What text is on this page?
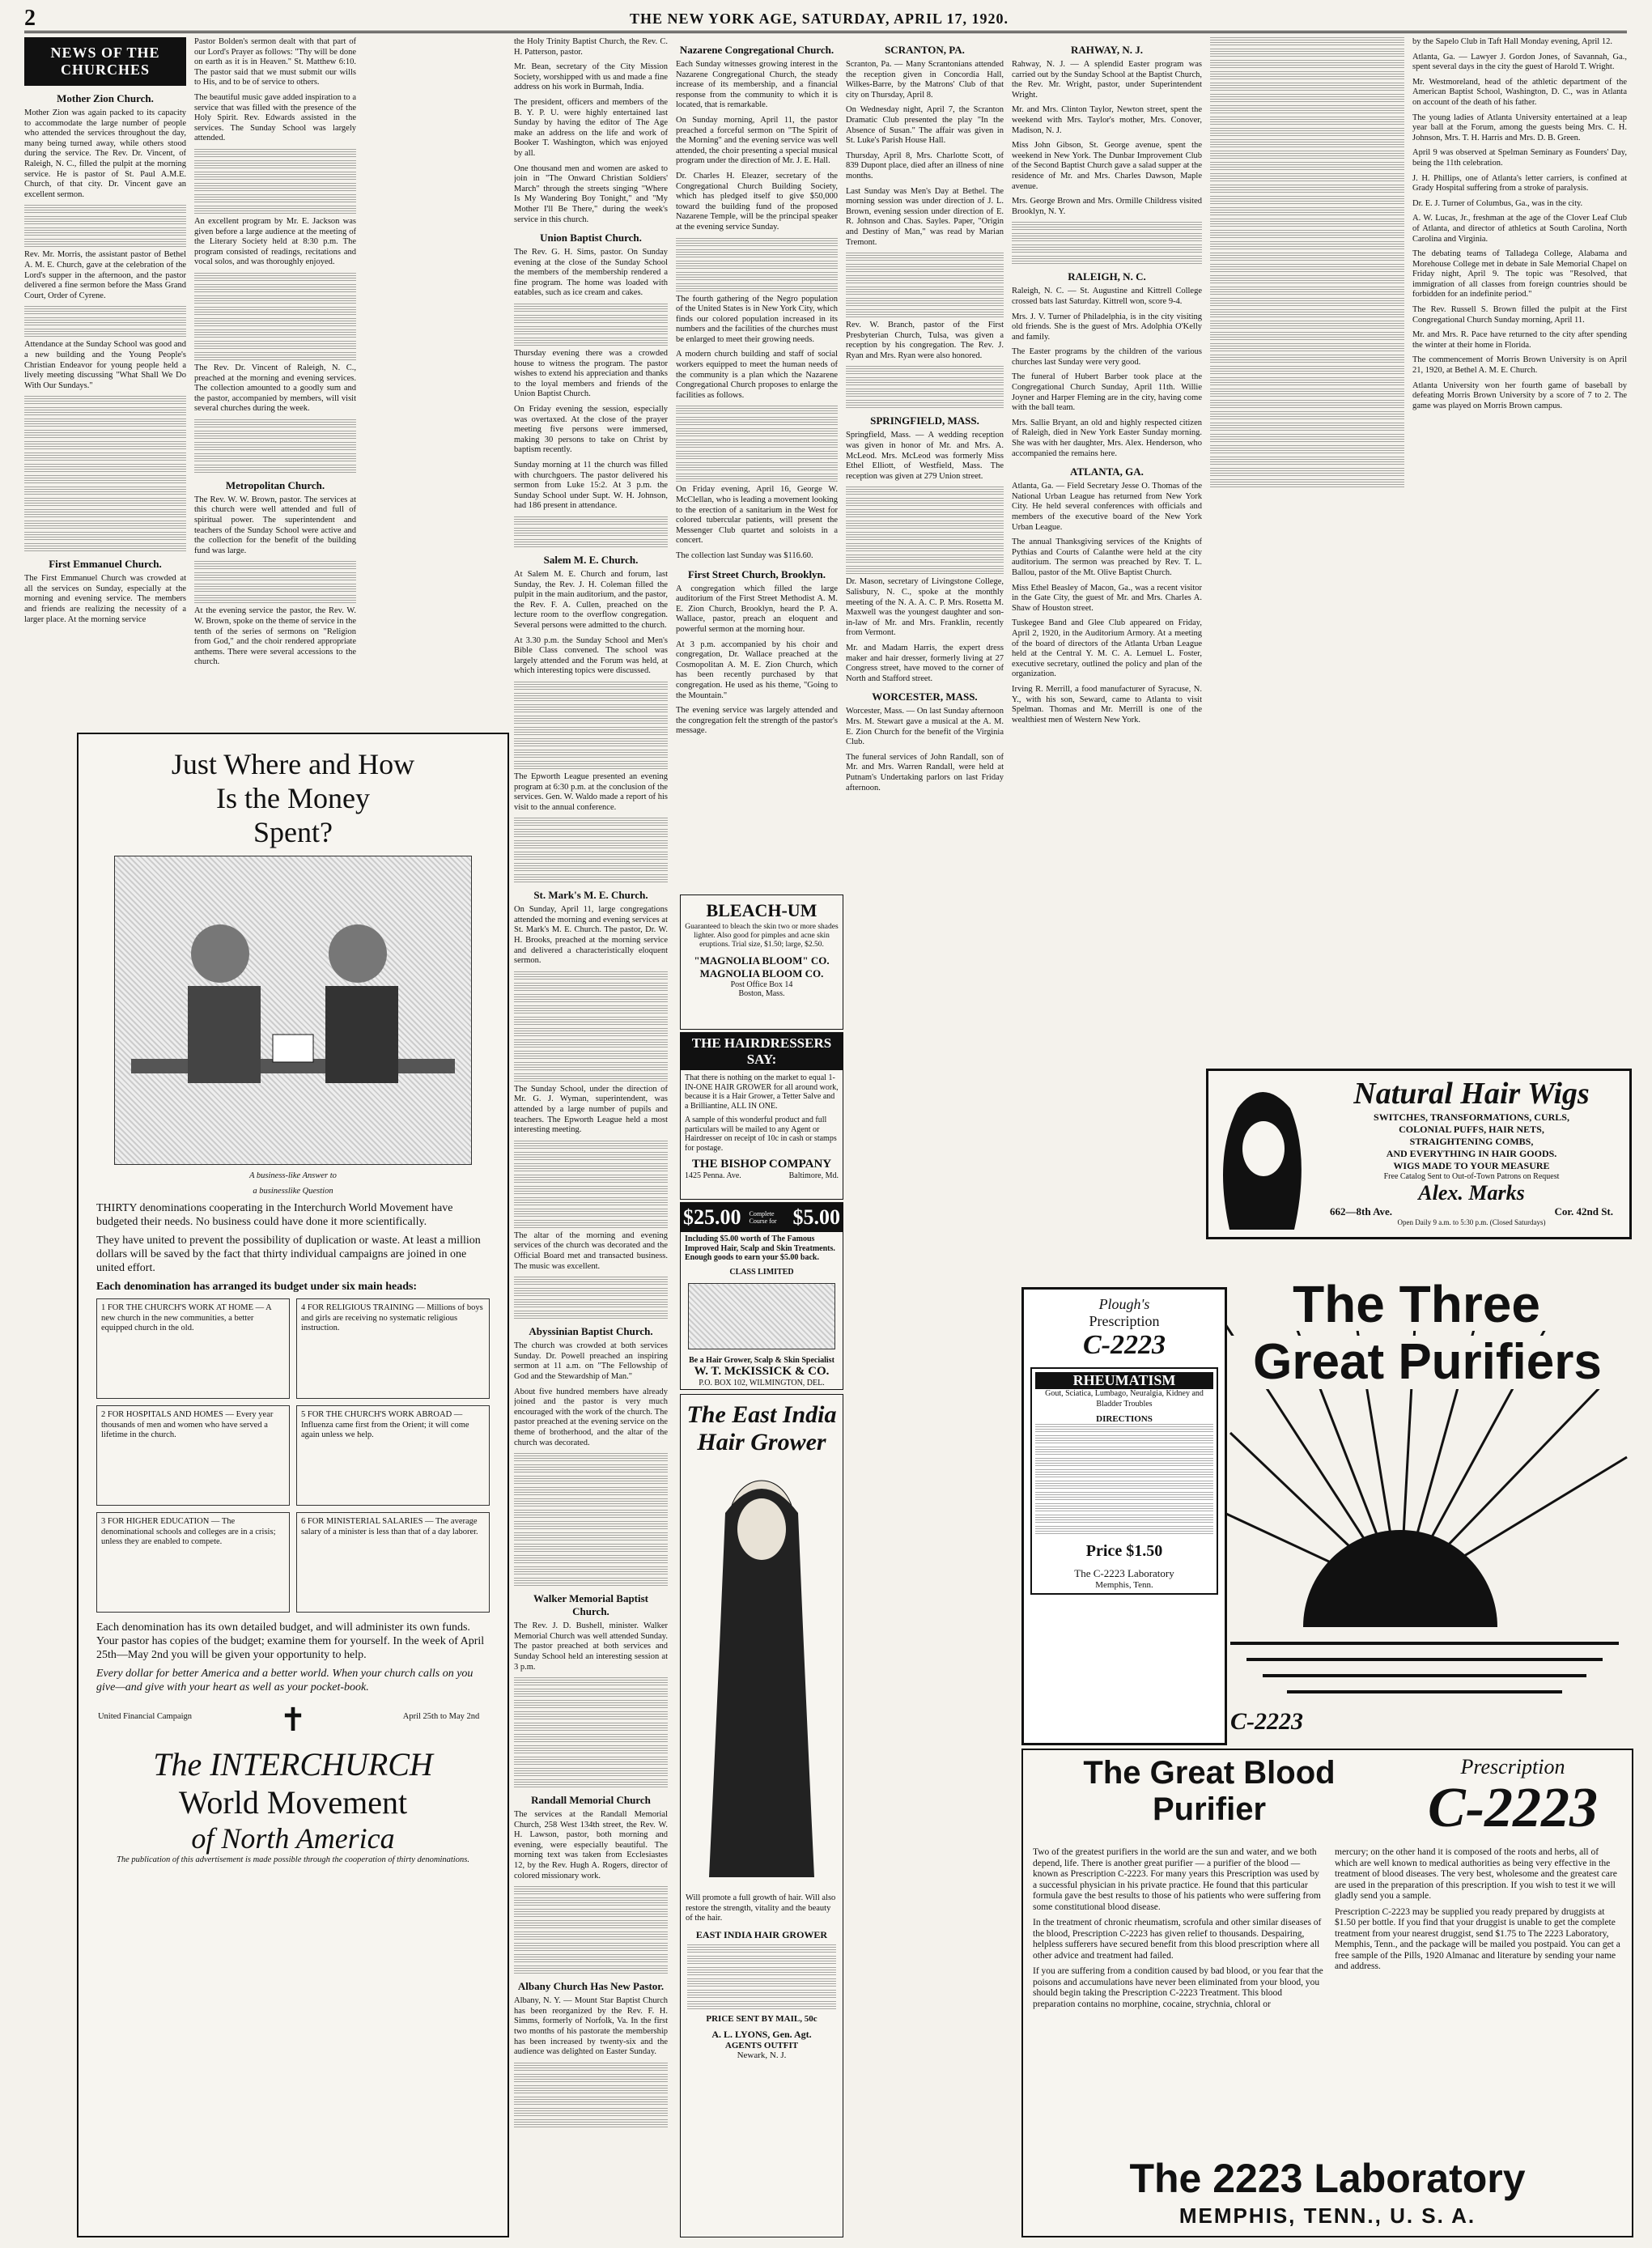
2	THE NEW YORK AGE, SATURDAY, APRIL 17, 1920.
NEWS OF THE CHURCHES
Mother Zion Church.

Mother Zion was again packed to its capacity to accommodate the large number of people who attended the services throughout the day, many being turned away, while others stood during the service. The Rev. Dr. Vincent, of Raleigh, N. C., filled the pulpit at the morning service. He is pastor of St. Paul A.M.E. Church, of that city. Dr. Vincent gave an excellent sermon.

Rev. Mr. Morris, the assistant pastor of Bethel A. M. E. Church, gave at the celebration of the Lord's supper in the afternoon, and the pastor delivered a fine sermon before the Mass Grand Court, Order of Cyrene.

Attendance at the Sunday School was good and a new building and the Young People's Christian Endeavor for young people held a lively meeting discussing "What Shall We Do With Our Sundays."

First Emmanuel Church.

The First Emmanuel Church was crowded at all the services on Sunday, especially at the morning and evening service. The members and friends are realizing the necessity of a larger place. At the morning service

Pastor Bolden's sermon dealt with that part of our Lord's Prayer as follows: "Thy will be done on earth as it is in Heaven." St. Matthew 6:10. The pastor said that we must submit our wills to His, and to be of service to others.

The beautiful music gave added inspiration to a service that was filled with the presence of the Holy Spirit. Rev. Edwards assisted in the services. The Sunday School was largely attended.

An excellent program by Mr. E. Jackson was given before a large audience at the meeting of the Literary Society held at 8:30 p.m. The program consisted of readings, recitations and vocal solos, and was thoroughly enjoyed.

The Rev. Dr. Vincent of Raleigh, N. C., preached at the morning and evening services. The collection amounted to a goodly sum and the pastor, accompanied by members, will visit several churches during the week.

Metropolitan Church.

The Rev. W. W. Brown, pastor. The services at this church were well attended and full of spiritual power. The superintendent and teachers of the Sunday School were active and the collection for the benefit of the building fund was large.

At the evening service the pastor, the Rev. W. W. Brown, spoke on the theme of service in the tenth of the series of sermons on "Religion from God," and the choir rendered appropriate anthems. There were several accessions to the church.

Just Where and How
Is the Money
Spent?

A business-like Answer to

a businesslike Question

THIRTY denominations cooperating in the Interchurch World Movement have budgeted their needs. No business could have done it more scientifically.

They have united to prevent the possibility of duplication or waste. At least a million dollars will be saved by the fact that thirty individual campaigns are joined in one united effort.

Each denomination has arranged its budget under six main heads:

1 FOR THE CHURCH'S WORK AT HOME — A new church in the new communities, a better equipped church in the old.

4 FOR RELIGIOUS TRAINING — Millions of boys and girls are receiving no systematic religious instruction.

2 FOR HOSPITALS AND HOMES — Every year thousands of men and women who have served a lifetime in the church.

5 FOR THE CHURCH'S WORK ABROAD — Influenza came first from the Orient; it will come again unless we help.

3 FOR HIGHER EDUCATION — The denominational schools and colleges are in a crisis; unless they are enabled to compete.

6 FOR MINISTERIAL SALARIES — The average salary of a minister is less than that of a day laborer.

Each denomination has its own detailed budget, and will administer its own funds. Your pastor has copies of the budget; examine them for yourself. In the week of April 25th—May 2nd you will be given your opportunity to help.

Every dollar for better America and a better world. When your church calls on you give—and give with your heart as well as your pocket-book.

United Financial Campaign	✝	April 25th to May 2nd
The INTERCHURCH
World Movement
of North America

The publication of this advertisement is made possible through the cooperation of thirty denominations.

the Holy Trinity Baptist Church, the Rev. C. H. Patterson, pastor.

Mr. Bean, secretary of the City Mission Society, worshipped with us and made a fine address on his work in Burmah, India.

The president, officers and members of the B. Y. P. U. were highly entertained last Sunday by having the editor of The Age make an address on the life and work of Booker T. Washington, which was enjoyed by all.

One thousand men and women are asked to join in "The Onward Christian Soldiers' March" through the streets singing "Where Is My Wandering Boy Tonight," and "My Mother I'll Be There," during the week's service in this church.

Union Baptist Church.

The Rev. G. H. Sims, pastor. On Sunday evening at the close of the Sunday School the members of the membership rendered a fine program. The home was loaded with eatables, such as ice cream and cakes.

Thursday evening there was a crowded house to witness the program. The pastor wishes to extend his appreciation and thanks to the loyal members and friends of the Union Baptist Church.

On Friday evening the session, especially was overtaxed. At the close of the prayer meeting five persons were immersed, making 30 persons to take on Christ by baptism recently.

Sunday morning at 11 the church was filled with churchgoers. The pastor delivered his sermon from Luke 15:2. At 3 p.m. the Sunday School under Supt. W. H. Johnson, had 186 present in attendance.

Salem M. E. Church.

At Salem M. E. Church and forum, last Sunday, the Rev. J. H. Coleman filled the pulpit in the main auditorium, and the pastor, the Rev. F. A. Cullen, preached on the lecture room to the overflow congregation. Several persons were admitted to the church.

At 3.30 p.m. the Sunday School and Men's Bible Class convened. The school was largely attended and the Forum was held, at which interesting topics were discussed.

The Epworth League presented an evening program at 6:30 p.m. at the conclusion of the services. Gen. W. Waldo made a report of his visit to the annual conference.

St. Mark's M. E. Church.

On Sunday, April 11, large congregations attended the morning and evening services at St. Mark's M. E. Church. The pastor, Dr. W. H. Brooks, preached at the morning service and delivered a characteristically eloquent sermon.

The Sunday School, under the direction of Mr. G. J. Wyman, superintendent, was attended by a large number of pupils and teachers. The Epworth League held a most interesting meeting.

The altar of the morning and evening services of the church was decorated and the Official Board met and transacted business. The music was excellent.

Abyssinian Baptist Church.

The church was crowded at both services Sunday. Dr. Powell preached an inspiring sermon at 11 a.m. on "The Fellowship of God and the Stewardship of Man."

About five hundred members have already joined and the pastor is very much encouraged with the work of the church. The pastor preached at the evening service on the theme of brotherhood, and the altar of the church was decorated.

Walker Memorial Baptist Church.

The Rev. J. D. Bushell, minister. Walker Memorial Church was well attended Sunday. The pastor preached at both services and Sunday School held an interesting session at 3 p.m.

Randall Memorial Church

The services at the Randall Memorial Church, 258 West 134th street, the Rev. W. H. Lawson, pastor, both morning and evening, were especially beautiful. The morning text was taken from Ecclesiastes 12, by the Rev. Hugh A. Rogers, director of colored missionary work.

Albany Church Has New Pastor.

Albany, N. Y. — Mount Star Baptist Church has been reorganized by the Rev. F. H. Simms, formerly of Norfolk, Va. In the first two months of his pastorate the membership has been increased by twenty-six and the audience was delighted on Easter Sunday.

Nazarene Congregational Church.

Each Sunday witnesses growing interest in the Nazarene Congregational Church, the steady increase of its membership, and a financial response from the community to which it is located, that is remarkable.

On Sunday morning, April 11, the pastor preached a forceful sermon on "The Spirit of the Morning" and the evening service was well attended, the choir presenting a special musical program under the direction of Mr. J. E. Hall.

Dr. Charles H. Eleazer, secretary of the Congregational Church Building Society, which has pledged itself to give $50,000 toward the building fund of the proposed Nazarene Temple, will be the principal speaker at the evening service Sunday.

The fourth gathering of the Negro population of the United States is in New York City, which finds our colored population increased in its numbers and the facilities of the churches must be enlarged to meet their growing needs.

A modern church building and staff of social workers equipped to meet the human needs of the community is a plan which the Nazarene Congregational Church proposes to enlarge the facilities as follows.

On Friday evening, April 16, George W. McClellan, who is leading a movement looking to the erection of a sanitarium in the West for colored tubercular patients, will present the Messenger Club quartet and soloists in a concert.

The collection last Sunday was $116.60.

First Street Church, Brooklyn.

A congregation which filled the large auditorium of the First Street Methodist A. M. E. Zion Church, Brooklyn, heard the P. A. Wallace, pastor, preach an eloquent and powerful sermon at the morning hour.

At 3 p.m. accompanied by his choir and congregation, Dr. Wallace preached at the Cosmopolitan A. M. E. Zion Church, which has been recently purchased by that congregation. He used as his theme, "Going to the Mountain."

The evening service was largely attended and the congregation felt the strength of the pastor's message.

SCRANTON, PA.

Scranton, Pa. — Many Scrantonians attended the reception given in Concordia Hall, Wilkes-Barre, by the Matrons' Club of that city on Thursday, April 8.

On Wednesday night, April 7, the Scranton Dramatic Club presented the play "In the Absence of Susan." The affair was given in St. Luke's Parish House Hall.

Thursday, April 8, Mrs. Charlotte Scott, of 839 Dupont place, died after an illness of nine months.

Last Sunday was Men's Day at Bethel. The morning session was under direction of J. L. Brown, evening session under direction of E. R. Johnson and Chas. Sayles. Paper, "Origin and Destiny of Man," was read by Marian Tremont.

Rev. W. Branch, pastor of the First Presbyterian Church, Tulsa, was given a reception by his congregation. The Rev. J. Ryan and Mrs. Ryan were also honored.

SPRINGFIELD, MASS.

Springfield, Mass. — A wedding reception was given in honor of Mr. and Mrs. A. McLeod. Mrs. McLeod was formerly Miss Ethel Elliott, of Westfield, Mass. The reception was given at 279 Union street.

Dr. Mason, secretary of Livingstone College, Salisbury, N. C., spoke at the monthly meeting of the N. A. A. C. P. Mrs. Rosetta M. Maxwell was the youngest daughter and son-in-law of Mr. and Mrs. Franklin, recently from Vermont.

Mr. and Madam Harris, the expert dress maker and hair dresser, formerly living at 27 Congress street, have moved to the corner of North and Stafford street.

WORCESTER, MASS.

Worcester, Mass. — On last Sunday afternoon Mrs. M. Stewart gave a musical at the A. M. E. Zion Church for the benefit of the Virginia Club.

The funeral services of John Randall, son of Mr. and Mrs. Warren Randall, were held at Putnam's Undertaking parlors on last Friday afternoon.

BLEACH-UM

Guaranteed to bleach the skin two or more shades lighter. Also good for pimples and acne skin eruptions. Trial size, $1.50; large, $2.50.

"MAGNOLIA BLOOM" CO.
MAGNOLIA BLOOM CO.
Post Office Box 14
Boston, Mass.
THE HAIRDRESSERS SAY:

That there is nothing on the market to equal 1-IN-ONE HAIR GROWER for all around work, because it is a Hair Grower, a Tetter Salve and a Brilliantine, ALL IN ONE.

A sample of this wonderful product and full particulars will be mailed to any Agent or Hairdresser on receipt of 10c in cash or stamps for postage.

THE BISHOP COMPANY
1425 Penna. Ave.	Baltimore, Md.
$25.00 Complete Course for $5.00

Including $5.00 worth of The Famous Improved Hair, Scalp and Skin Treatments. Enough goods to earn your $5.00 back.

CLASS LIMITED
Be a Hair Grower, Scalp & Skin Specialist
W. T. McKISSICK & CO.
P.O. BOX 102, WILMINGTON, DEL.
The East India Hair Grower

Will promote a full growth of hair. Will also restore the strength, vitality and the beauty of the hair.

EAST INDIA HAIR GROWER
PRICE SENT BY MAIL, 50c
A. L. LYONS, Gen. Agt.
AGENTS OUTFIT
Newark, N. J.
RAHWAY, N. J.

Rahway, N. J. — A splendid Easter program was carried out by the Sunday School at the Baptist Church, the Rev. Mr. Wright, pastor, under Superintendent Wright.

Mr. and Mrs. Clinton Taylor, Newton street, spent the weekend with Mrs. Taylor's mother, Mrs. Conover, Madison, N. J.

Miss John Gibson, St. George avenue, spent the weekend in New York. The Dunbar Improvement Club of the Second Baptist Church gave a salad supper at the residence of Mr. and Mrs. Charles Dawson, Maple avenue.

Mrs. George Brown and Mrs. Ormille Childress visited Brooklyn, N. Y.

RALEIGH, N. C.

Raleigh, N. C. — St. Augustine and Kittrell College crossed bats last Saturday. Kittrell won, score 9-4.

Mrs. J. V. Turner of Philadelphia, is in the city visiting old friends. She is the guest of Mrs. Adolphia O'Kelly and family.

The Easter programs by the children of the various churches last Sunday were very good.

The funeral of Hubert Barber took place at the Congregational Church Sunday, April 11th. Willie Joyner and Harper Fleming are in the city, having come with the ball team.

Mrs. Sallie Bryant, an old and highly respected citizen of Raleigh, died in New York Easter Sunday morning. She was with her daughter, Mrs. Alex. Henderson, who accompanied the remains here.

ATLANTA, GA.

Atlanta, Ga. — Field Secretary Jesse O. Thomas of the National Urban League has returned from New York City. He held several conferences with officials and members of the executive board of the New York Urban League.

The annual Thanksgiving services of the Knights of Pythias and Courts of Calanthe were held at the city auditorium. The sermon was preached by Rev. T. L. Ballou, pastor of the Mt. Olive Baptist Church.

Miss Ethel Beasley of Macon, Ga., was a recent visitor in the Gate City, the guest of Mr. and Mrs. Charles A. Shaw of Houston street.

Tuskegee Band and Glee Club appeared on Friday, April 2, 1920, in the Auditorium Armory. At a meeting of the board of directors of the Atlanta Urban League held at the Central Y. M. C. A. Lemuel L. Foster, executive secretary, outlined the policy and plan of the organization.

Irving R. Merrill, a food manufacturer of Syracuse, N. Y., with his son, Seward, came to Atlanta to visit Spelman. Thomas and Mr. Merrill is one of the wealthiest men of Western New York.

by the Sapelo Club in Taft Hall Monday evening, April 12.

Atlanta, Ga. — Lawyer J. Gordon Jones, of Savannah, Ga., spent several days in the city the guest of Harold T. Wright.

Mr. Westmoreland, head of the athletic department of the American Baptist School, Washington, D. C., was in Atlanta on account of the death of his father.

The young ladies of Atlanta University entertained at a leap year ball at the Forum, among the guests being Mrs. C. H. Johnson, Mrs. T. H. Harris and Mrs. D. B. Green.

April 9 was observed at Spelman Seminary as Founders' Day, being the 11th celebration.

J. H. Phillips, one of Atlanta's letter carriers, is confined at Grady Hospital suffering from a stroke of paralysis.

Dr. E. J. Turner of Columbus, Ga., was in the city.

A. W. Lucas, Jr., freshman at the age of the Clover Leaf Club of Atlanta, and director of athletics at South Carolina, North Carolina and Virginia.

The debating teams of Talladega College, Alabama and Morehouse College met in debate in Sale Memorial Chapel on Friday night, April 9. The topic was "Resolved, that immigration of all classes from foreign countries should be forbidden for an indefinite period."

The Rev. Russell S. Brown filled the pulpit at the First Congregational Church Sunday morning, April 11.

Mr. and Mrs. R. Pace have returned to the city after spending the winter at their home in Florida.

The commencement of Morris Brown University is on April 21, 1920, at Bethel A. M. E. Church.

Atlanta University won her fourth game of baseball by defeating Morris Brown University by a score of 7 to 2. The game was played on Morris Brown campus.

Natural Hair Wigs
SWITCHES, TRANSFORMATIONS, CURLS,
COLONIAL PUFFS, HAIR NETS,
STRAIGHTENING COMBS,
AND EVERYTHING IN HAIR GOODS.
WIGS MADE TO YOUR MEASURE
Free Catalog Sent to Out-of-Town Patrons on Request
Alex. Marks
662—8th Ave.	Cor. 42nd St.
Open Daily 9 a.m. to 5:30 p.m. (Closed Saturdays)
The Three
Great Purifiers
C-2223
Plough's
Prescription
C-2223
RHEUMATISM

Gout, Sciatica, Lumbago, Neuralgia, Kidney and Bladder Troubles

DIRECTIONS
Price $1.50
The C-2223 Laboratory
Memphis, Tenn.
The Great Blood
Purifier
Prescription
C-2223

Two of the greatest purifiers in the world are the sun and water, and we both depend, life. There is another great purifier — a purifier of the blood — known as Prescription C-2223. For many years this Prescription was used by a successful physician in his private practice. He found that this particular formula gave the best results to those of his patients who were suffering from some constitutional blood disease.

In the treatment of chronic rheumatism, scrofula and other similar diseases of the blood, Prescription C-2223 has given relief to thousands. Despairing, helpless sufferers have secured benefit from this blood prescription where all other advice and treatment had failed.

If you are suffering from a condition caused by bad blood, or you fear that the poisons and accumulations have never been eliminated from your blood, you should begin taking the Prescription C-2223 Treatment. This blood preparation contains no morphine, cocaine, strychnia, chloral or

mercury; on the other hand it is composed of the roots and herbs, all of which are well known to medical authorities as being very effective in the treatment of blood diseases. The very best, wholesome and the greatest care are used in the preparation of this prescription. If you wish to test it we will gladly send you a sample.

Prescription C-2223 may be supplied you ready prepared by druggists at $1.50 per bottle. If you find that your druggist is unable to get the complete treatment from your nearest druggist, send $1.75 to The 2223 Laboratory, Memphis, Tenn., and the package will be mailed you postpaid. You can get a free sample of the Pills, 1920 Almanac and literature by sending your name and address.

The 2223 Laboratory
MEMPHIS, TENN., U. S. A.
